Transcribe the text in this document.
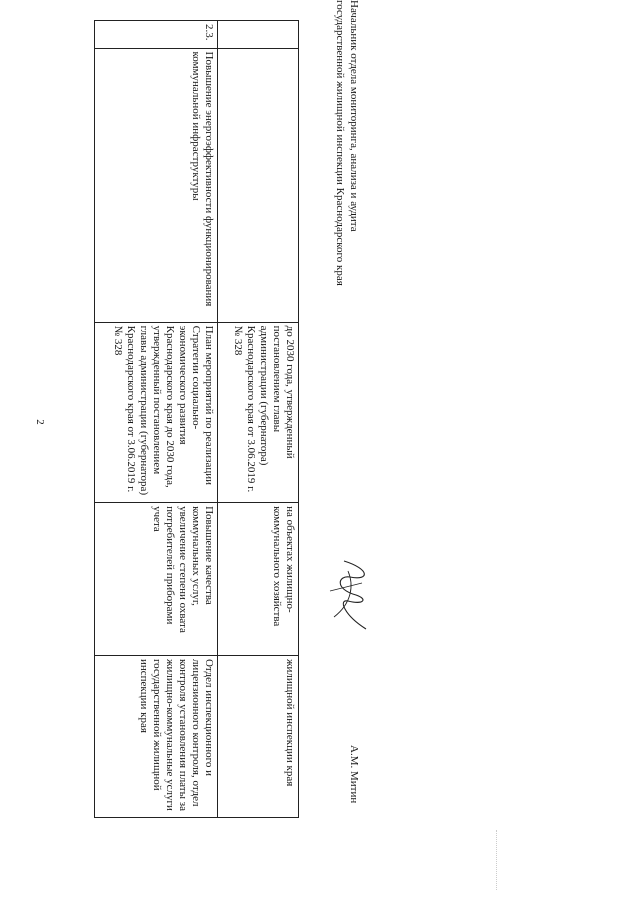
2
			до 2030 года, утвержденный постановлением главы администрации (губернатора) Краснодарского края от 3.06.2019 г. № 328	на объектах жилищно-коммунального хозяйства	жилищной инспекции края
2.3.	Повышение энергоэффективности функционирования коммунальной инфраструктуры	План мероприятий по реализации Стратегии социально-экономического развития Краснодарского края до 2030 года, утвержденный постановлением главы администрации (губернатора) Краснодарского края от 3.06.2019 г. № 328	Повышение качества коммунальных услуг, увеличение степени охвата потребителей приборами учета	Отдел инспекционного и лицензионного контроля, отдел контроля установления платы за жилищно-коммунальные услуги государственной жилищной инспекции края
Начальник отдела мониторинга, анализа и аудита
государственной жилищной инспекции Краснодарского края
А.М. Митин
